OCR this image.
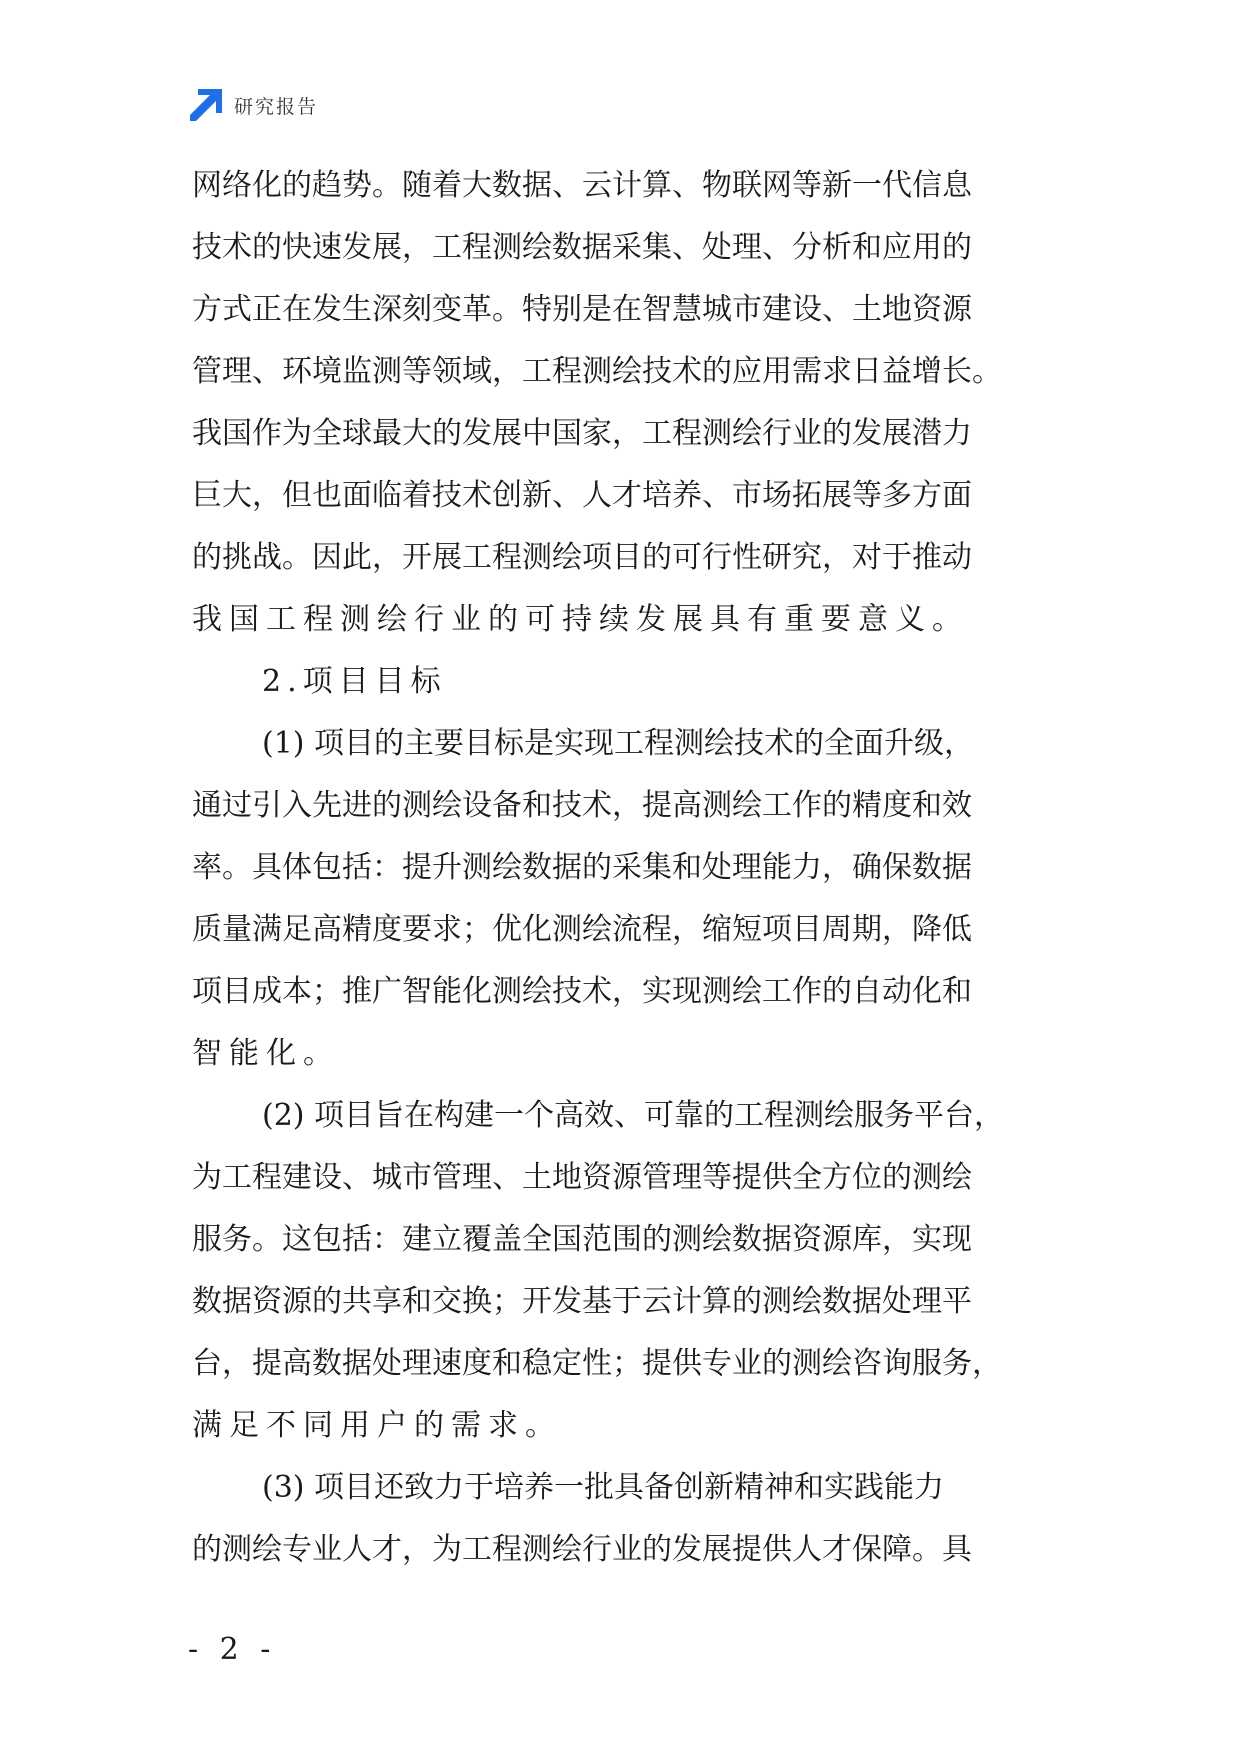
研究报告
网络化的趋势。随着大数据、云计算、物联网等新一代信息
技术的快速发展，工程测绘数据采集、处理、分析和应用的
方式正在发生深刻变革。特别是在智慧城市建设、土地资源
管理、环境监测等领域，工程测绘技术的应用需求日益增长。
我国作为全球最大的发展中国家，工程测绘行业的发展潜力
巨大，但也面临着技术创新、人才培养、市场拓展等多方面
的挑战。因此，开展工程测绘项目的可行性研究，对于推动
我国工程测绘行业的可持续发展具有重要意义。
2.项目目标
(1) 项目的主要目标是实现工程测绘技术的全面升级，
通过引入先进的测绘设备和技术，提高测绘工作的精度和效
率。具体包括：提升测绘数据的采集和处理能力，确保数据
质量满足高精度要求；优化测绘流程，缩短项目周期，降低
项目成本；推广智能化测绘技术，实现测绘工作的自动化和
智能化。
(2) 项目旨在构建一个高效、可靠的工程测绘服务平台，
为工程建设、城市管理、土地资源管理等提供全方位的测绘
服务。这包括：建立覆盖全国范围的测绘数据资源库，实现
数据资源的共享和交换；开发基于云计算的测绘数据处理平
台，提高数据处理速度和稳定性；提供专业的测绘咨询服务，
满足不同用户的需求。
(3) 项目还致力于培养一批具备创新精神和实践能力
的测绘专业人才，为工程测绘行业的发展提供人才保障。具
- 2 -
